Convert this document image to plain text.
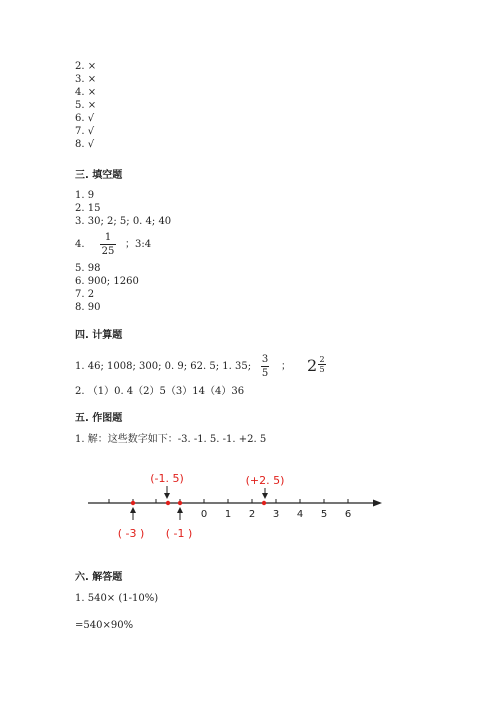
2. ×
3. ×
4. ×
5. ×
6. √
7. √
8. √
三. 填空题
1. 9
2. 15
3. 30; 2; 5; 0. 4; 40
4.
1
25
；3:4
5. 98
6. 900; 1260
7. 2
8. 90
四. 计算题
1. 46; 1008; 300; 0. 9; 62. 5; 1. 35;
3
5
； 2 2
5
2. （1）0. 4（2）5（3）14（4）36
五. 作图题
1. 解：这些数字如下：-3. -1. 5. -1. +2. 5
0 1 2 3 4 5 6
(-1. 5)	(+2. 5)
( -3 ) ( -1 )
六. 解答题
1. 540× (1-10%)
=540×90%
